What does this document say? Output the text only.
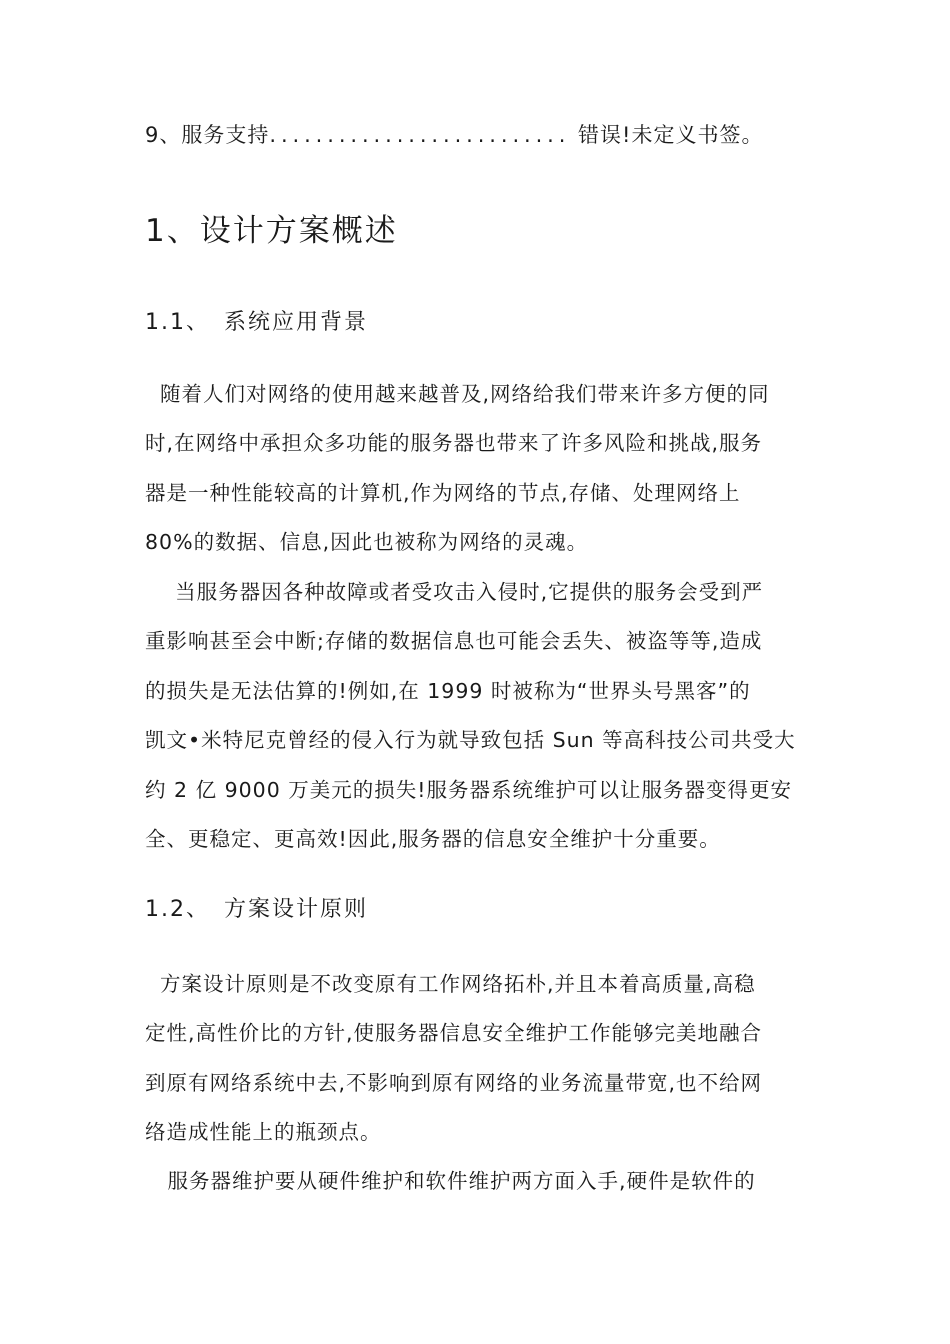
9、服务支持.......................... 错误!未定义书签。
1、设计方案概述
1.1、 系统应用背景
随着人们对网络的使用越来越普及,网络给我们带来许多方便的同
时,在网络中承担众多功能的服务器也带来了许多风险和挑战,服务
器是一种性能较高的计算机,作为网络的节点,存储、处理网络上
80%的数据、信息,因此也被称为网络的灵魂。
当服务器因各种故障或者受攻击入侵时,它提供的服务会受到严
重影响甚至会中断;存储的数据信息也可能会丢失、被盗等等,造成
的损失是无法估算的!例如,在 1999 时被称为“世界头号黑客”的
凯文•米特尼克曾经的侵入行为就导致包括 Sun 等高科技公司共受大
约 2 亿 9000 万美元的损失!服务器系统维护可以让服务器变得更安
全、更稳定、更高效!因此,服务器的信息安全维护十分重要。
1.2、 方案设计原则
方案设计原则是不改变原有工作网络拓朴,并且本着高质量,高稳
定性,高性价比的方针,使服务器信息安全维护工作能够完美地融合
到原有网络系统中去,不影响到原有网络的业务流量带宽,也不给网
络造成性能上的瓶颈点。
服务器维护要从硬件维护和软件维护两方面入手,硬件是软件的
